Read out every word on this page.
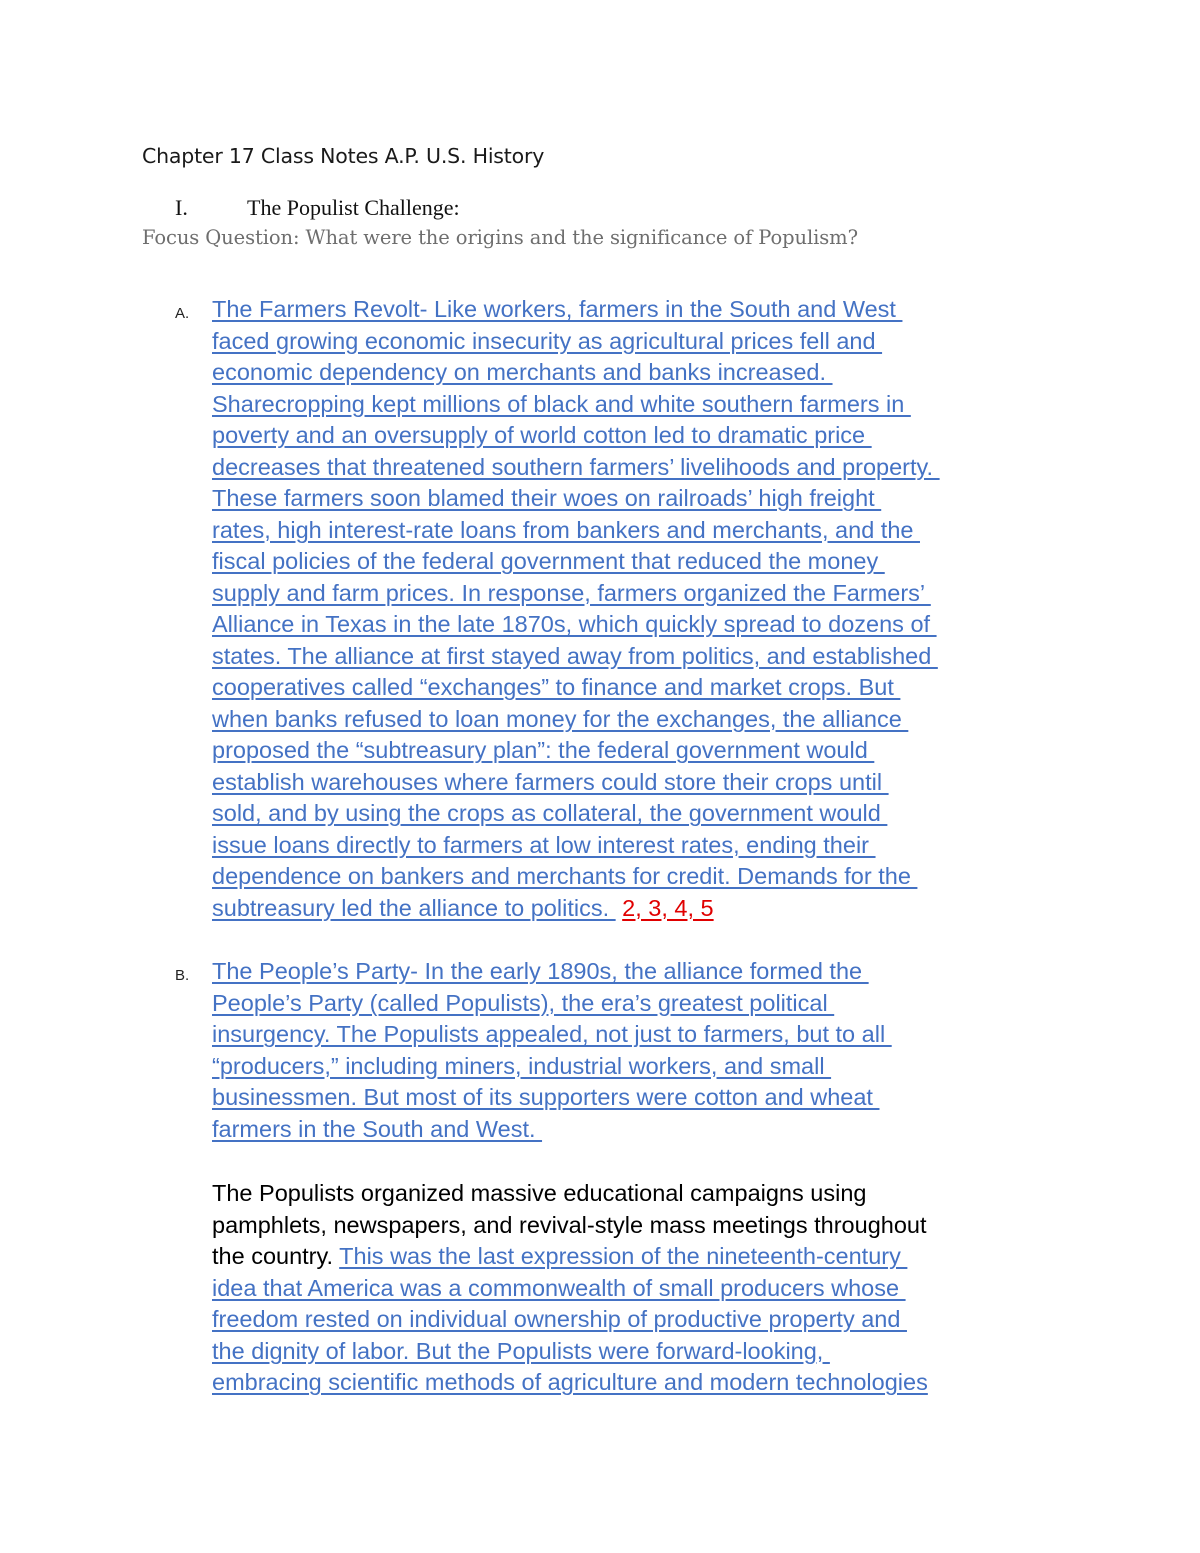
Chapter 17 Class Notes A.P. U.S. History
I.	The Populist Challenge:
Focus Question: What were the origins and the significance of Populism?
A. The Farmers Revolt- Like workers, farmers in the South and West
faced growing economic insecurity as agricultural prices fell and
economic dependency on merchants and banks increased.
Sharecropping kept millions of black and white southern farmers in
poverty and an oversupply of world cotton led to dramatic price
decreases that threatened southern farmers’ livelihoods and property.
These farmers soon blamed their woes on railroads’ high freight
rates, high interest-rate loans from bankers and merchants, and the
fiscal policies of the federal government that reduced the money
supply and farm prices. In response, farmers organized the Farmers’
Alliance in Texas in the late 1870s, which quickly spread to dozens of
states. The alliance at first stayed away from politics, and established
cooperatives called “exchanges” to finance and market crops. But
when banks refused to loan money for the exchanges, the alliance
proposed the “subtreasury plan”: the federal government would
establish warehouses where farmers could store their crops until
sold, and by using the crops as collateral, the government would
issue loans directly to farmers at low interest rates, ending their
dependence on bankers and merchants for credit. Demands for the
subtreasury led the alliance to politics.  2, 3, 4, 5
B. The People’s Party- In the early 1890s, the alliance formed the
People’s Party (called Populists), the era’s greatest political
insurgency. The Populists appealed, not just to farmers, but to all
“producers,” including miners, industrial workers, and small
businessmen. But most of its supporters were cotton and wheat
farmers in the South and West.
The Populists organized massive educational campaigns using
pamphlets, newspapers, and revival-style mass meetings throughout
the country. This was the last expression of the nineteenth-century
idea that America was a commonwealth of small producers whose
freedom rested on individual ownership of productive property and
the dignity of labor. But the Populists were forward-looking,
embracing scientific methods of agriculture and modern technologies
